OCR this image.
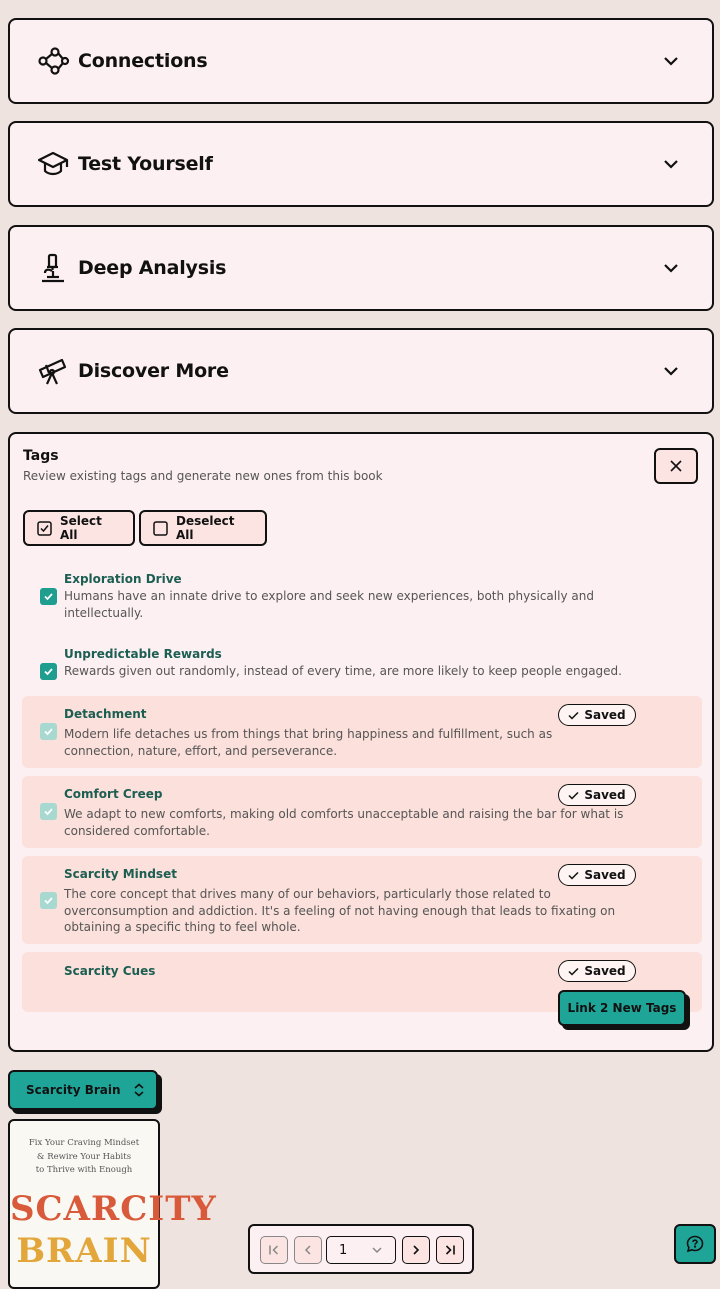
Connections
Test Yourself
Deep Analysis
Discover More
Tags
Review existing tags and generate new ones from this book
Select All
Deselect All
Exploration Drive
Humans have an innate drive to explore and seek new experiences, both physically and intellectually.
Unpredictable Rewards
Rewards given out randomly, instead of every time, are more likely to keep people engaged.
Detachment
Modern life detaches us from things that bring happiness and fulfillment, such as connection, nature, effort, and perseverance.
Saved
Comfort Creep
We adapt to new comforts, making old comforts unacceptable and raising the bar for what is considered comfortable.
Saved
Scarcity Mindset
The core concept that drives many of our behaviors, particularly those related to overconsumption and addiction. It's a feeling of not having enough that leads to fixating on obtaining a specific thing to feel whole.
Saved
Scarcity Cues	Saved
Link 2 New Tags
Scarcity Brain
Fix Your Craving Mindset
& Rewire Your Habits
to Thrive with Enough
SCARCITY
BRAIN	1
